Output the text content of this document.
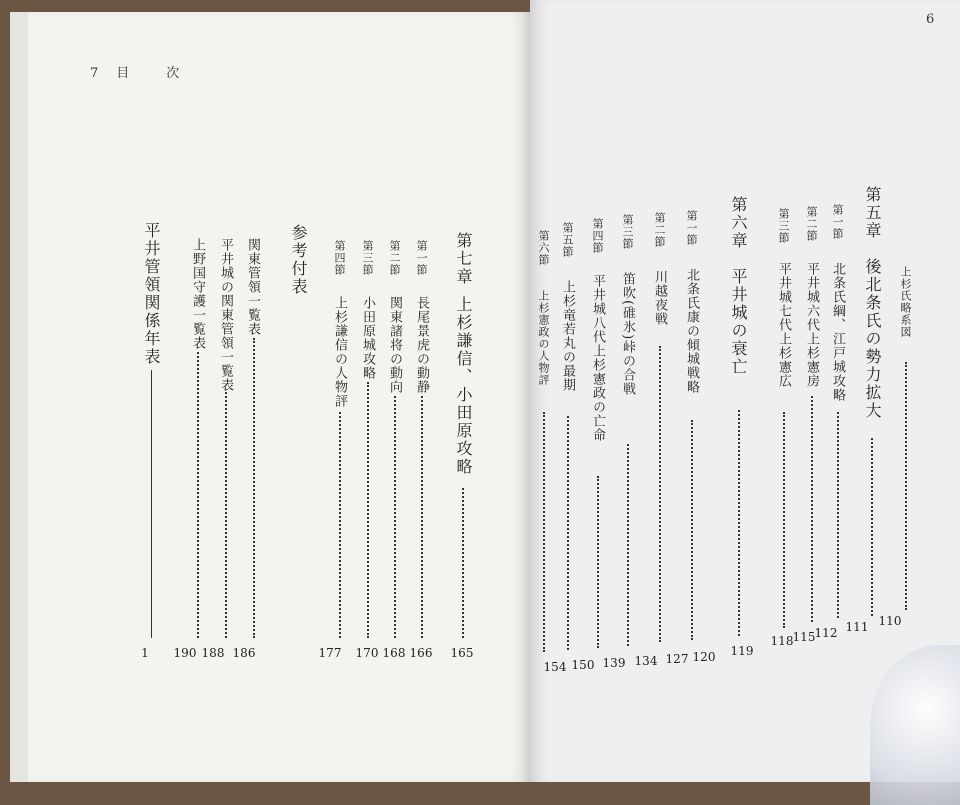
7 目　次
6
第七章
上杉謙信、小田原攻略
165
第一節
長尾景虎の動静
166
第二節
関東諸将の動向
168
第三節
小田原城攻略
170
第四節
上杉謙信の人物評
177
参考付表
関東管領一覧表
186
平井城の関東管領一覧表
188
上野国守護一覧表
190
平井管領関係年表
1
上杉氏略系図
110
第五章
後北条氏の勢力拡大
111
第一節
北条氏綱、江戸城攻略
112
第二節
平井城六代上杉憲房
115
第三節
平井城七代上杉憲広
118
第六章
平井城の衰亡
119
第一節
北条氏康の傾城戦略
120
第二節
川越夜戦
127
第三節
笛吹(碓氷)峠の合戦
134
第四節
平井城八代上杉憲政の亡命
139
第五節
上杉竜若丸の最期
150
第六節
上杉憲政の人物評
154
